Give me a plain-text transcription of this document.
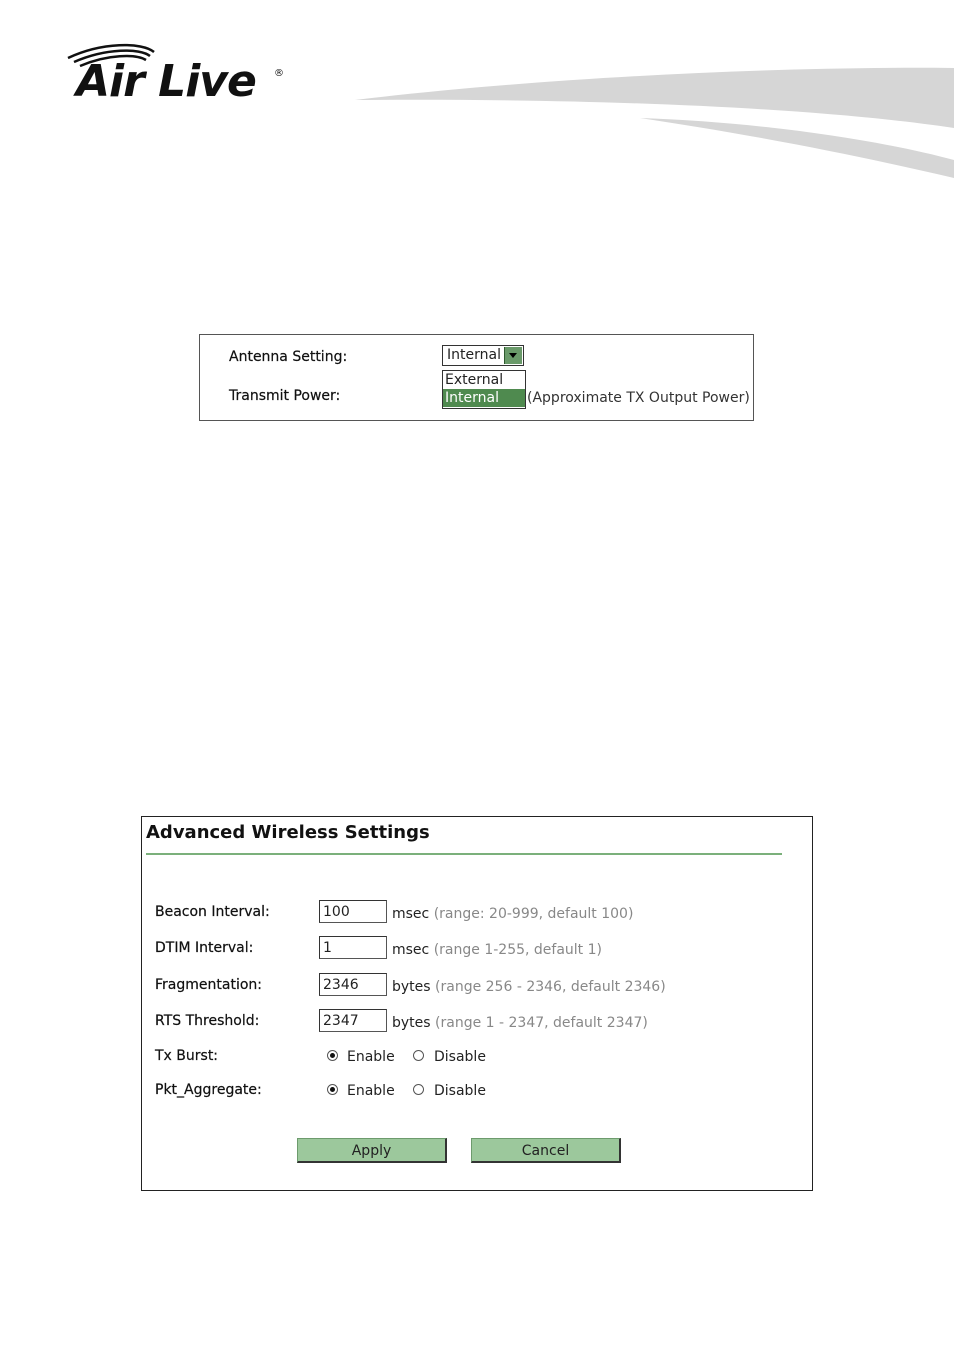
Air Live ®
Antenna Setting:	Internal
External
Internal
Transmit Power:	(Approximate TX Output Power)
Advanced Wireless Settings
Beacon Interval:
100	msec (range: 20-999, default 100)
DTIM Interval:
1	msec (range 1-255, default 1)
Fragmentation:
2346	bytes (range 256 - 2346, default 2346)
RTS Threshold:
2347	bytes (range 1 - 2347, default 2347)
Tx Burst:	Enable	Disable
Pkt_Aggregate:	Enable	Disable
Apply	Cancel
